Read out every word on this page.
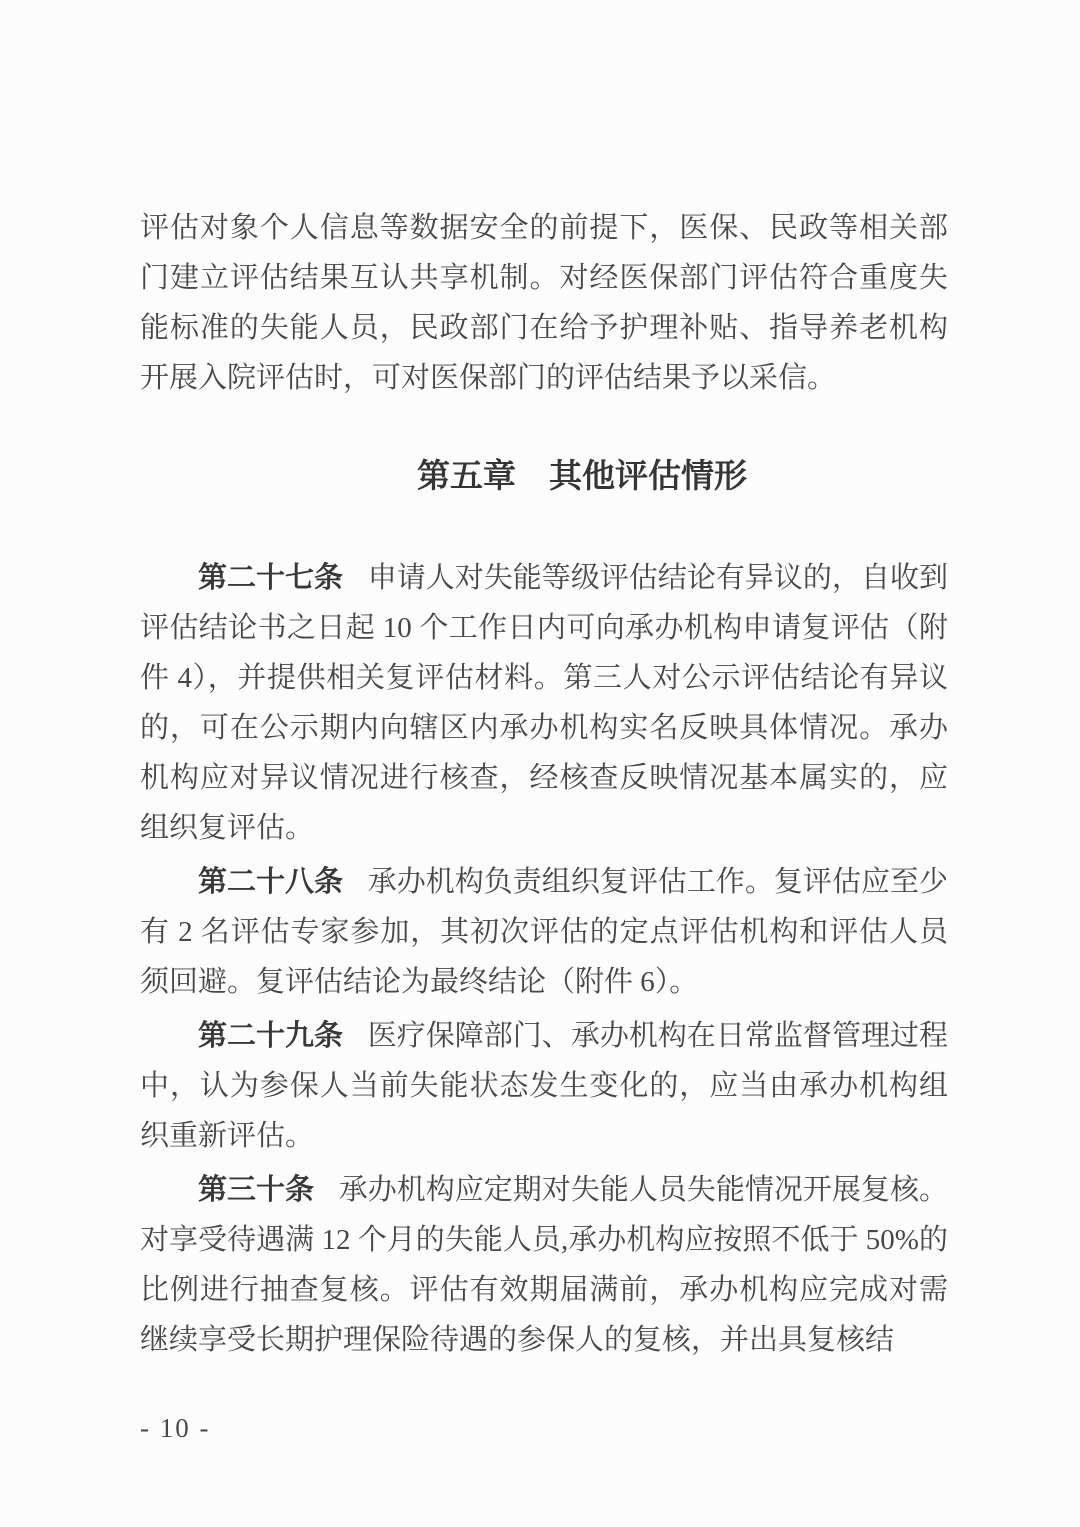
评估对象个人信息等数据安全的前提下，医保、民政等相关部门建立评估结果互认共享机制。对经医保部门评估符合重度失能标准的失能人员，民政部门在给予护理补贴、指导养老机构开展入院评估时，可对医保部门的评估结果予以采信。

第五章　其他评估情形

第二十七条 申请人对失能等级评估结论有异议的，自收到评估结论书之日起 10 个工作日内可向承办机构申请复评估（附件 4），并提供相关复评估材料。第三人对公示评估结论有异议的，可在公示期内向辖区内承办机构实名反映具体情况。承办机构应对异议情况进行核查，经核查反映情况基本属实的，应组织复评估。

第二十八条 承办机构负责组织复评估工作。复评估应至少有 2 名评估专家参加，其初次评估的定点评估机构和评估人员须回避。复评估结论为最终结论（附件 6）。

第二十九条 医疗保障部门、承办机构在日常监督管理过程中，认为参保人当前失能状态发生变化的，应当由承办机构组织重新评估。

第三十条 承办机构应定期对失能人员失能情况开展复核。对享受待遇满 12 个月的失能人员,承办机构应按照不低于 50%的比例进行抽查复核。评估有效期届满前，承办机构应完成对需继续享受长期护理保险待遇的参保人的复核，并出具复核结

- 10 -
